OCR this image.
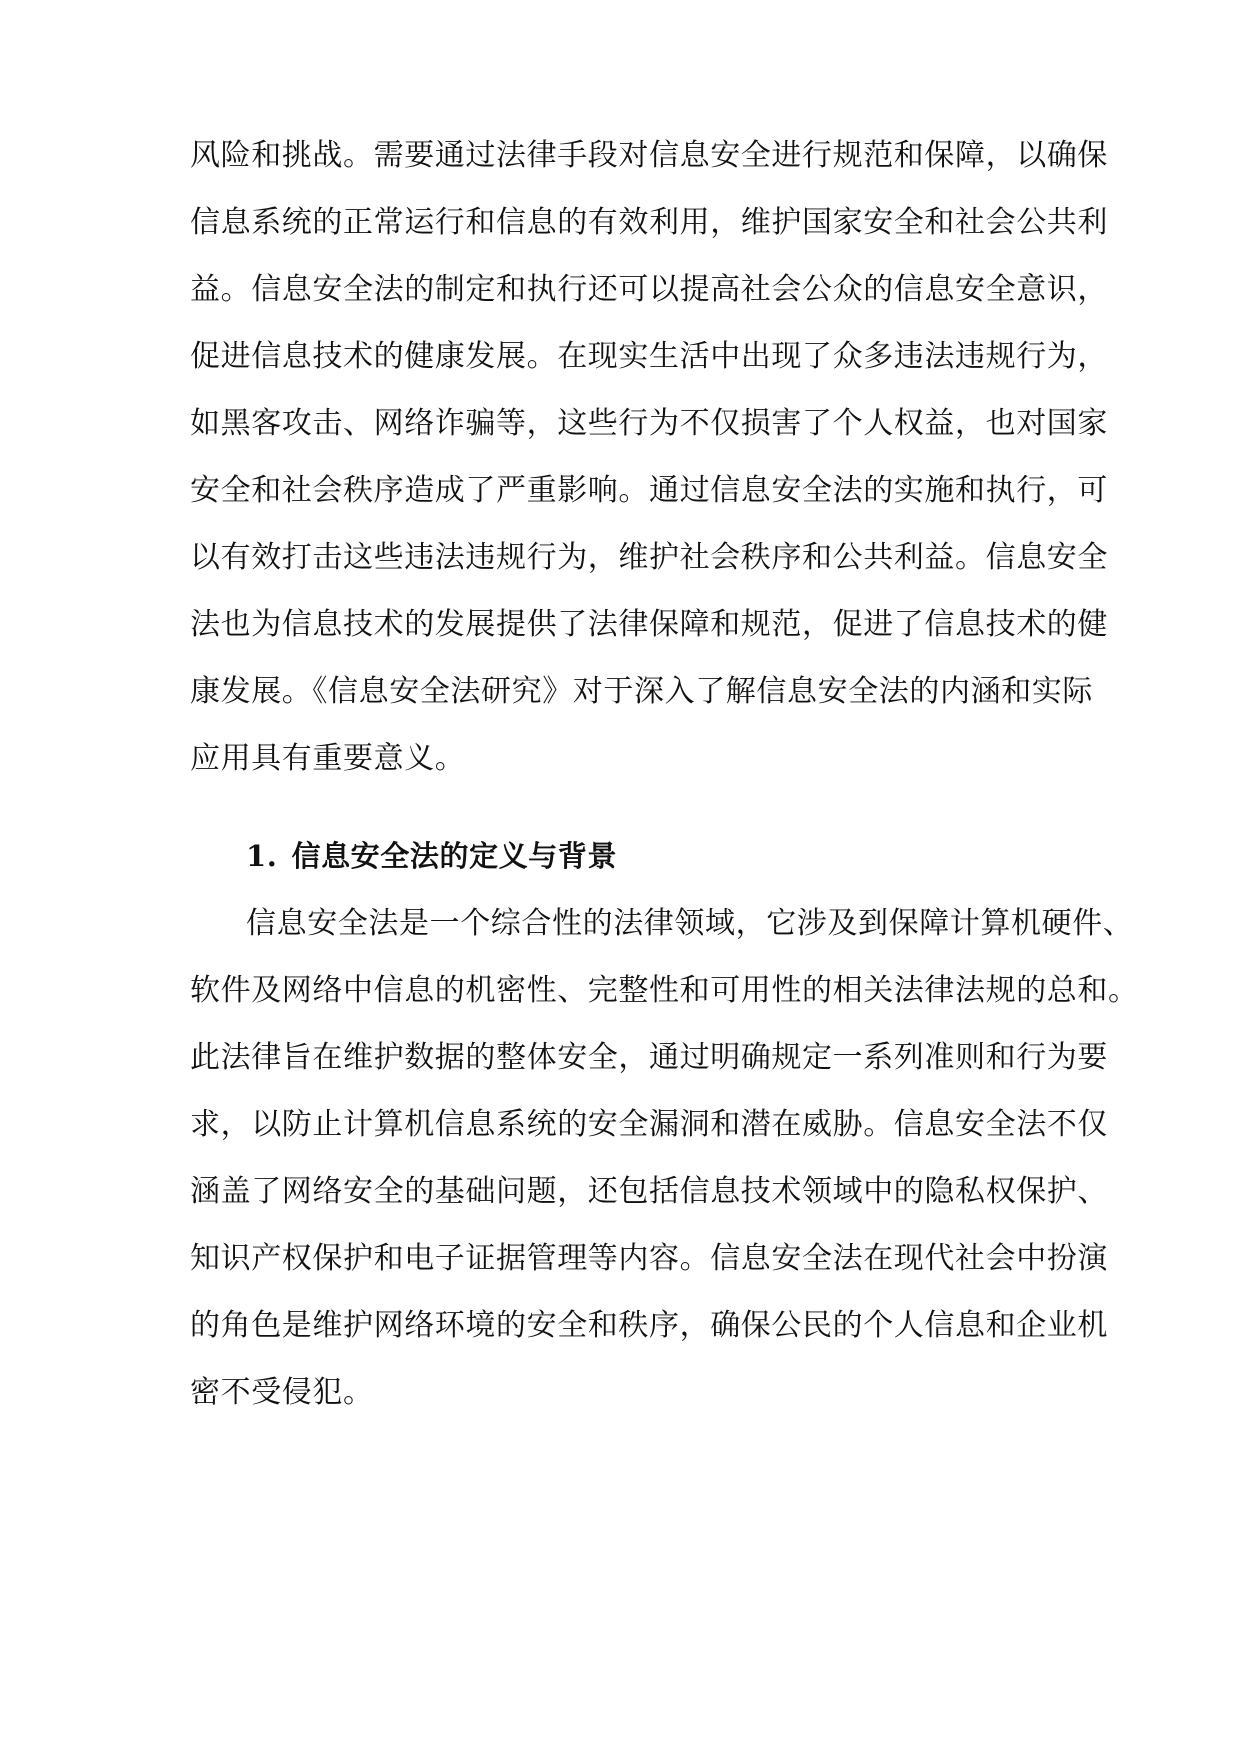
风险和挑战。需要通过法律手段对信息安全进行规范和保障，以确保
信息系统的正常运行和信息的有效利用，维护国家安全和社会公共利
益。信息安全法的制定和执行还可以提高社会公众的信息安全意识，
促进信息技术的健康发展。在现实生活中出现了众多违法违规行为，
如黑客攻击、网络诈骗等，这些行为不仅损害了个人权益，也对国家
安全和社会秩序造成了严重影响。通过信息安全法的实施和执行，可
以有效打击这些违法违规行为，维护社会秩序和公共利益。信息安全
法也为信息技术的发展提供了法律保障和规范，促进了信息技术的健
康发展。《信息安全法研究》对于深入了解信息安全法的内涵和实际
应用具有重要意义。
1. 信息安全法的定义与背景
信息安全法是一个综合性的法律领域，它涉及到保障计算机硬件、
软件及网络中信息的机密性、完整性和可用性的相关法律法规的总和。
此法律旨在维护数据的整体安全，通过明确规定一系列准则和行为要
求，以防止计算机信息系统的安全漏洞和潜在威胁。信息安全法不仅
涵盖了网络安全的基础问题，还包括信息技术领域中的隐私权保护、
知识产权保护和电子证据管理等内容。信息安全法在现代社会中扮演
的角色是维护网络环境的安全和秩序，确保公民的个人信息和企业机
密不受侵犯。
